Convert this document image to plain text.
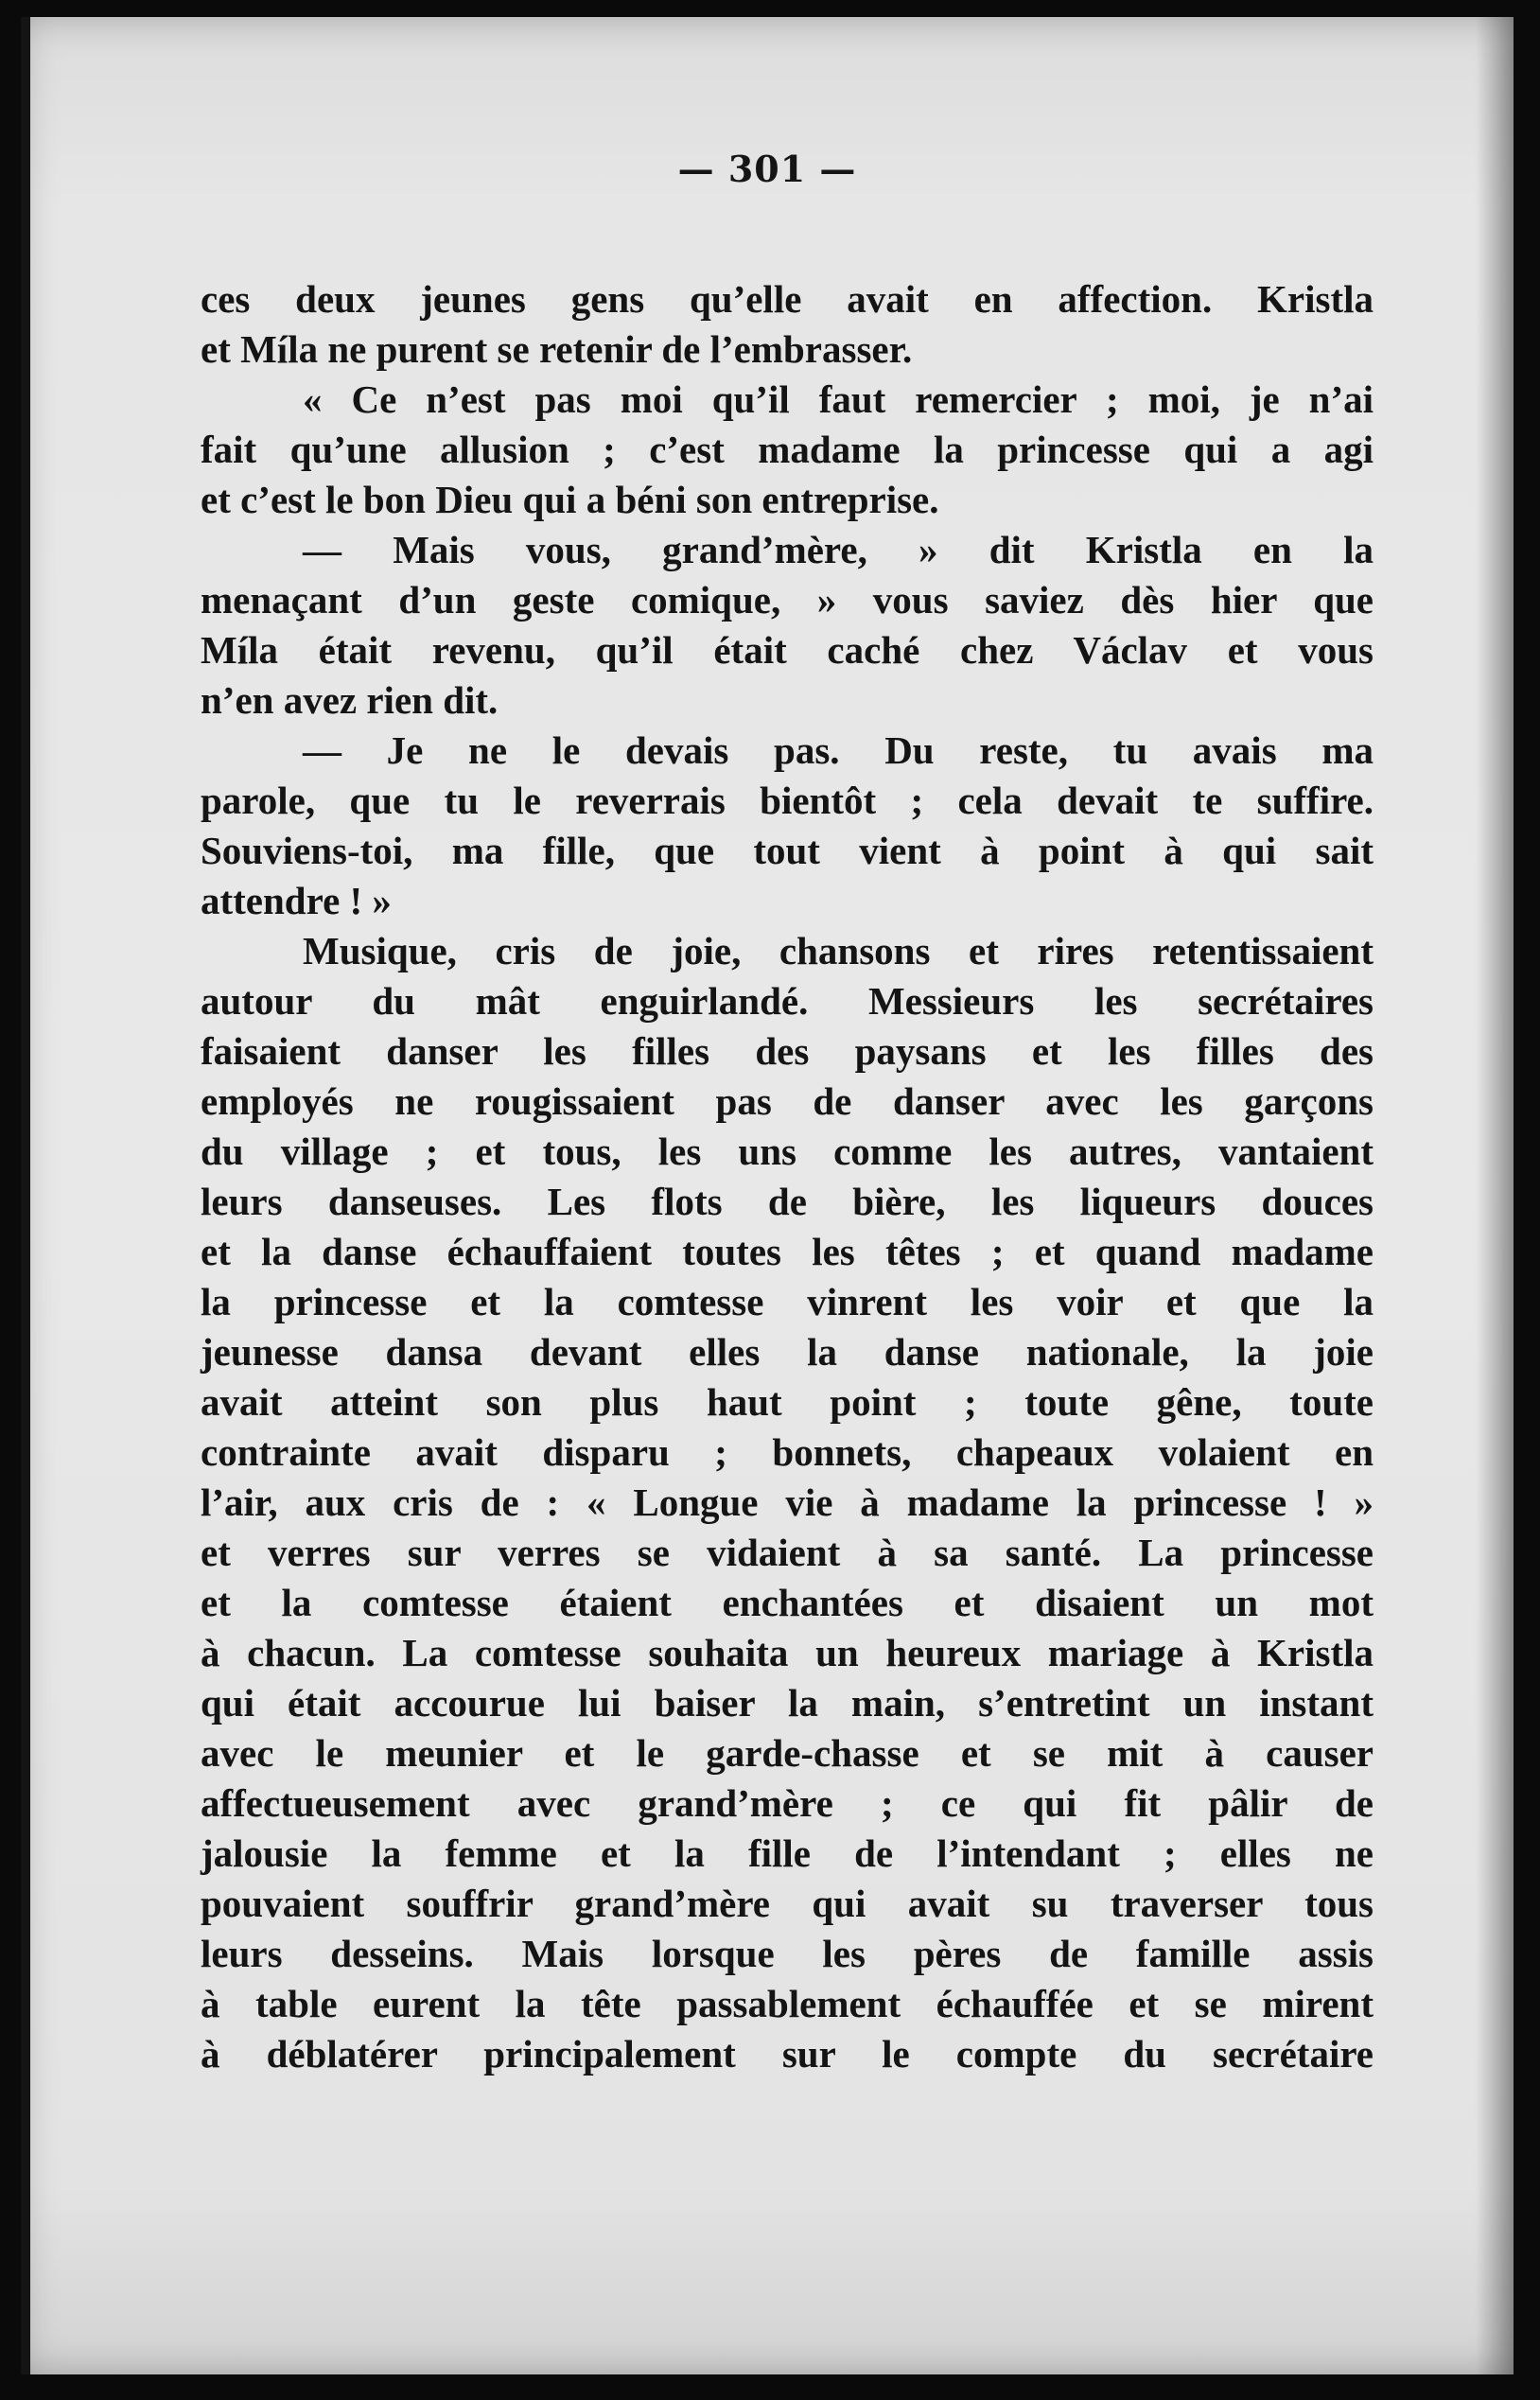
— 301 —
ces deux jeunes gens qu’elle avait en affection. Kristla
et Míla ne purent se retenir de l’embrasser.
« Ce n’est pas moi qu’il faut remercier ; moi, je n’ai
fait qu’une allusion ; c’est madame la princesse qui a agi
et c’est le bon Dieu qui a béni son entreprise.
— Mais vous, grand’mère, » dit Kristla en la
menaçant d’un geste comique, » vous saviez dès hier que
Míla était revenu, qu’il était caché chez Václav et vous
n’en avez rien dit.
— Je ne le devais pas. Du reste, tu avais ma
parole, que tu le reverrais bientôt ; cela devait te suffire.
Souviens-toi, ma fille, que tout vient à point à qui sait
attendre ! »
Musique, cris de joie, chansons et rires retentissaient
autour du mât enguirlandé. Messieurs les secrétaires
faisaient danser les filles des paysans et les filles des
employés ne rougissaient pas de danser avec les garçons
du village ; et tous, les uns comme les autres, vantaient
leurs danseuses. Les flots de bière, les liqueurs douces
et la danse échauffaient toutes les têtes ; et quand madame
la princesse et la comtesse vinrent les voir et que la
jeunesse dansa devant elles la danse nationale, la joie
avait atteint son plus haut point ; toute gêne, toute
contrainte avait disparu ; bonnets, chapeaux volaient en
l’air, aux cris de : « Longue vie à madame la princesse ! »
et verres sur verres se vidaient à sa santé. La princesse
et la comtesse étaient enchantées et disaient un mot
à chacun. La comtesse souhaita un heureux mariage à Kristla
qui était accourue lui baiser la main, s’entretint un instant
avec le meunier et le garde-chasse et se mit à causer
affectueusement avec grand’mère ; ce qui fit pâlir de
jalousie la femme et la fille de l’intendant ; elles ne
pouvaient souffrir grand’mère qui avait su traverser tous
leurs desseins. Mais lorsque les pères de famille assis
à table eurent la tête passablement échauffée et se mirent
à déblatérer principalement sur le compte du secrétaire
